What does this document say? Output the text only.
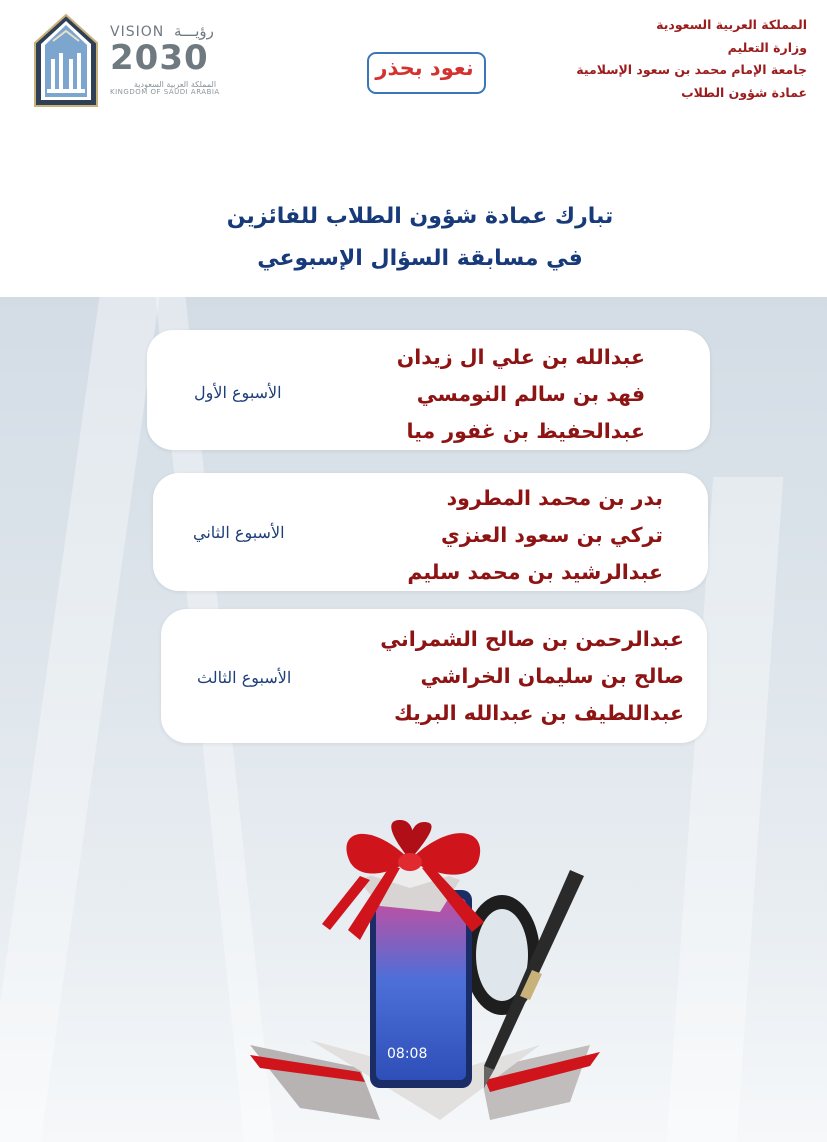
VISION رؤيـــة
2030
المملكة العربية السعودية
KINGDOM OF SAUDI ARABIA
نعود بحذر
المملكة العربية السعودية
وزارة التعليم
جامعة الإمام محمد بن سعود الإسلامية
عمادة شؤون الطلاب
تبارك عمادة شؤون الطلاب للفائزين
في مسابقة السؤال الإسبوعي
عبدالله بن علي ال زيدان
فهد بن سالم النومسي
عبدالحفيظ بن غفور ميا
الأسبوع الأول
بدر بن محمد المطرود
تركي بن سعود العنزي
عبدالرشيد بن محمد سليم
الأسبوع الثاني
عبدالرحمن بن صالح الشمراني
صالح بن سليمان الخراشي
عبداللطيف بن عبدالله البريك
الأسبوع الثالث
08:08
